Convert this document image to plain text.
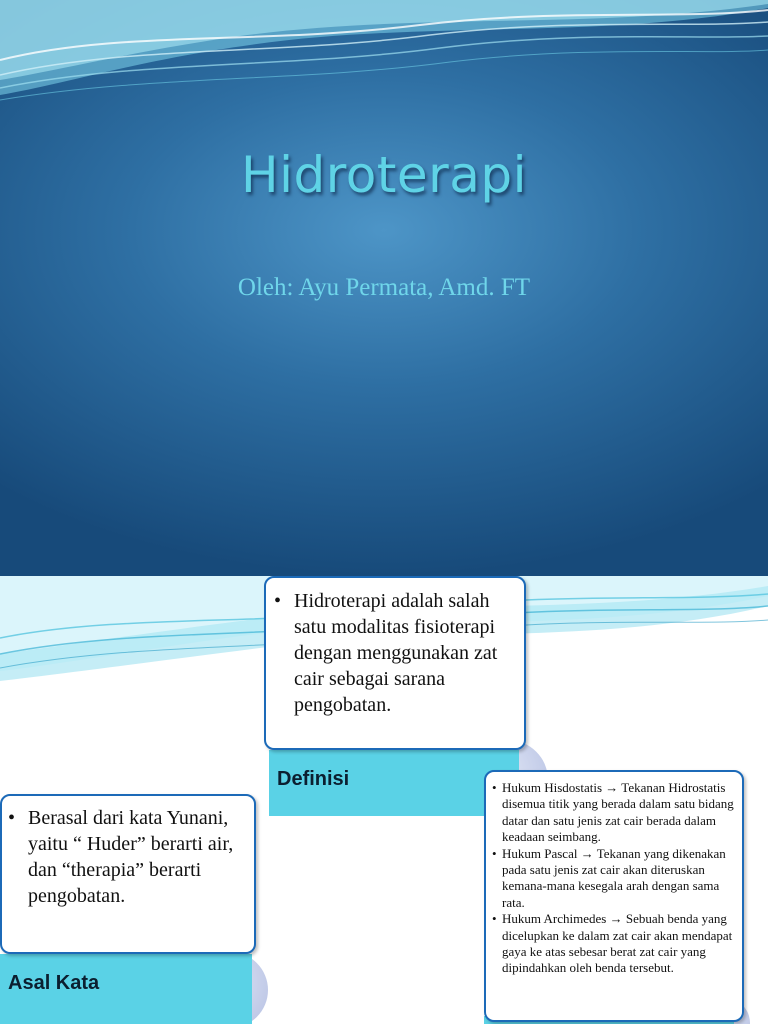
Hidroterapi
Oleh: Ayu Permata, Amd. FT
Definisi
• Hidroterapi adalah salah satu modalitas fisioterapi dengan menggunakan zat cair sebagai sarana pengobatan.
Asal Kata
• Berasal dari kata Yunani, yaitu “ Huder” berarti air, dan “therapia” berarti pengobatan.
• Hukum Hisdostatis → Tekanan Hidrostatis disemua titik yang berada dalam satu bidang datar dan satu jenis zat cair berada dalam keadaan seimbang.
• Hukum Pascal → Tekanan yang dikenakan pada satu jenis zat cair akan diteruskan kemana-mana kesegala arah dengan sama rata.
• Hukum Archimedes → Sebuah benda yang dicelupkan ke dalam zat cair akan mendapat gaya ke atas sebesar berat zat cair yang dipindahkan oleh benda tersebut.
